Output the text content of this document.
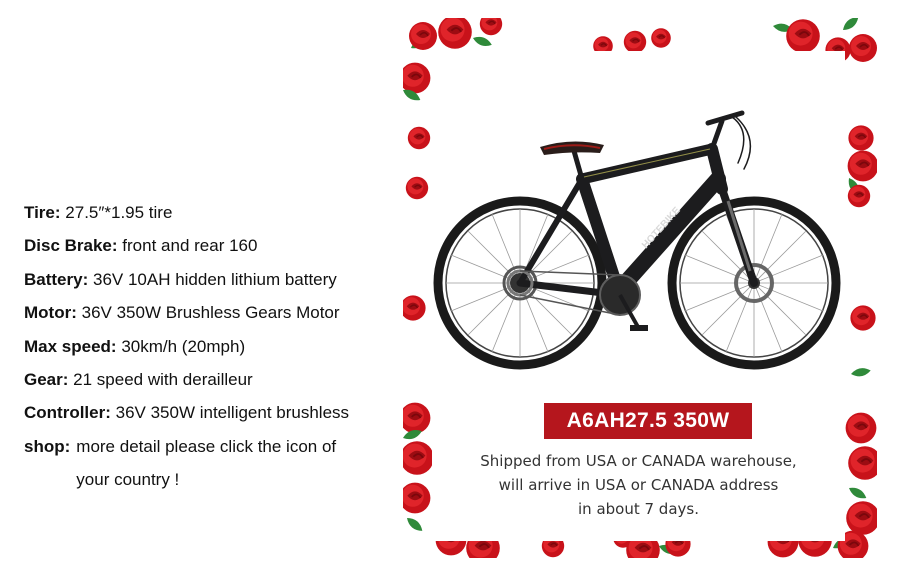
Tire: 27.5″*1.95 tire
Disc Brake: front and rear 160
Battery: 36V 10AH hidden lithium battery
Motor: 36V 350W Brushless Gears Motor
Max speed: 30km/h (20mph)
Gear: 21 speed with derailleur
Controller: 36V 350W intelligent brushless
shop: more detail please click the icon of
your country !
HOTEBIKE
A6AH27.5 350W
Shipped from USA or CANADA warehouse,
will arrive in USA or CANADA address
in about 7 days.
